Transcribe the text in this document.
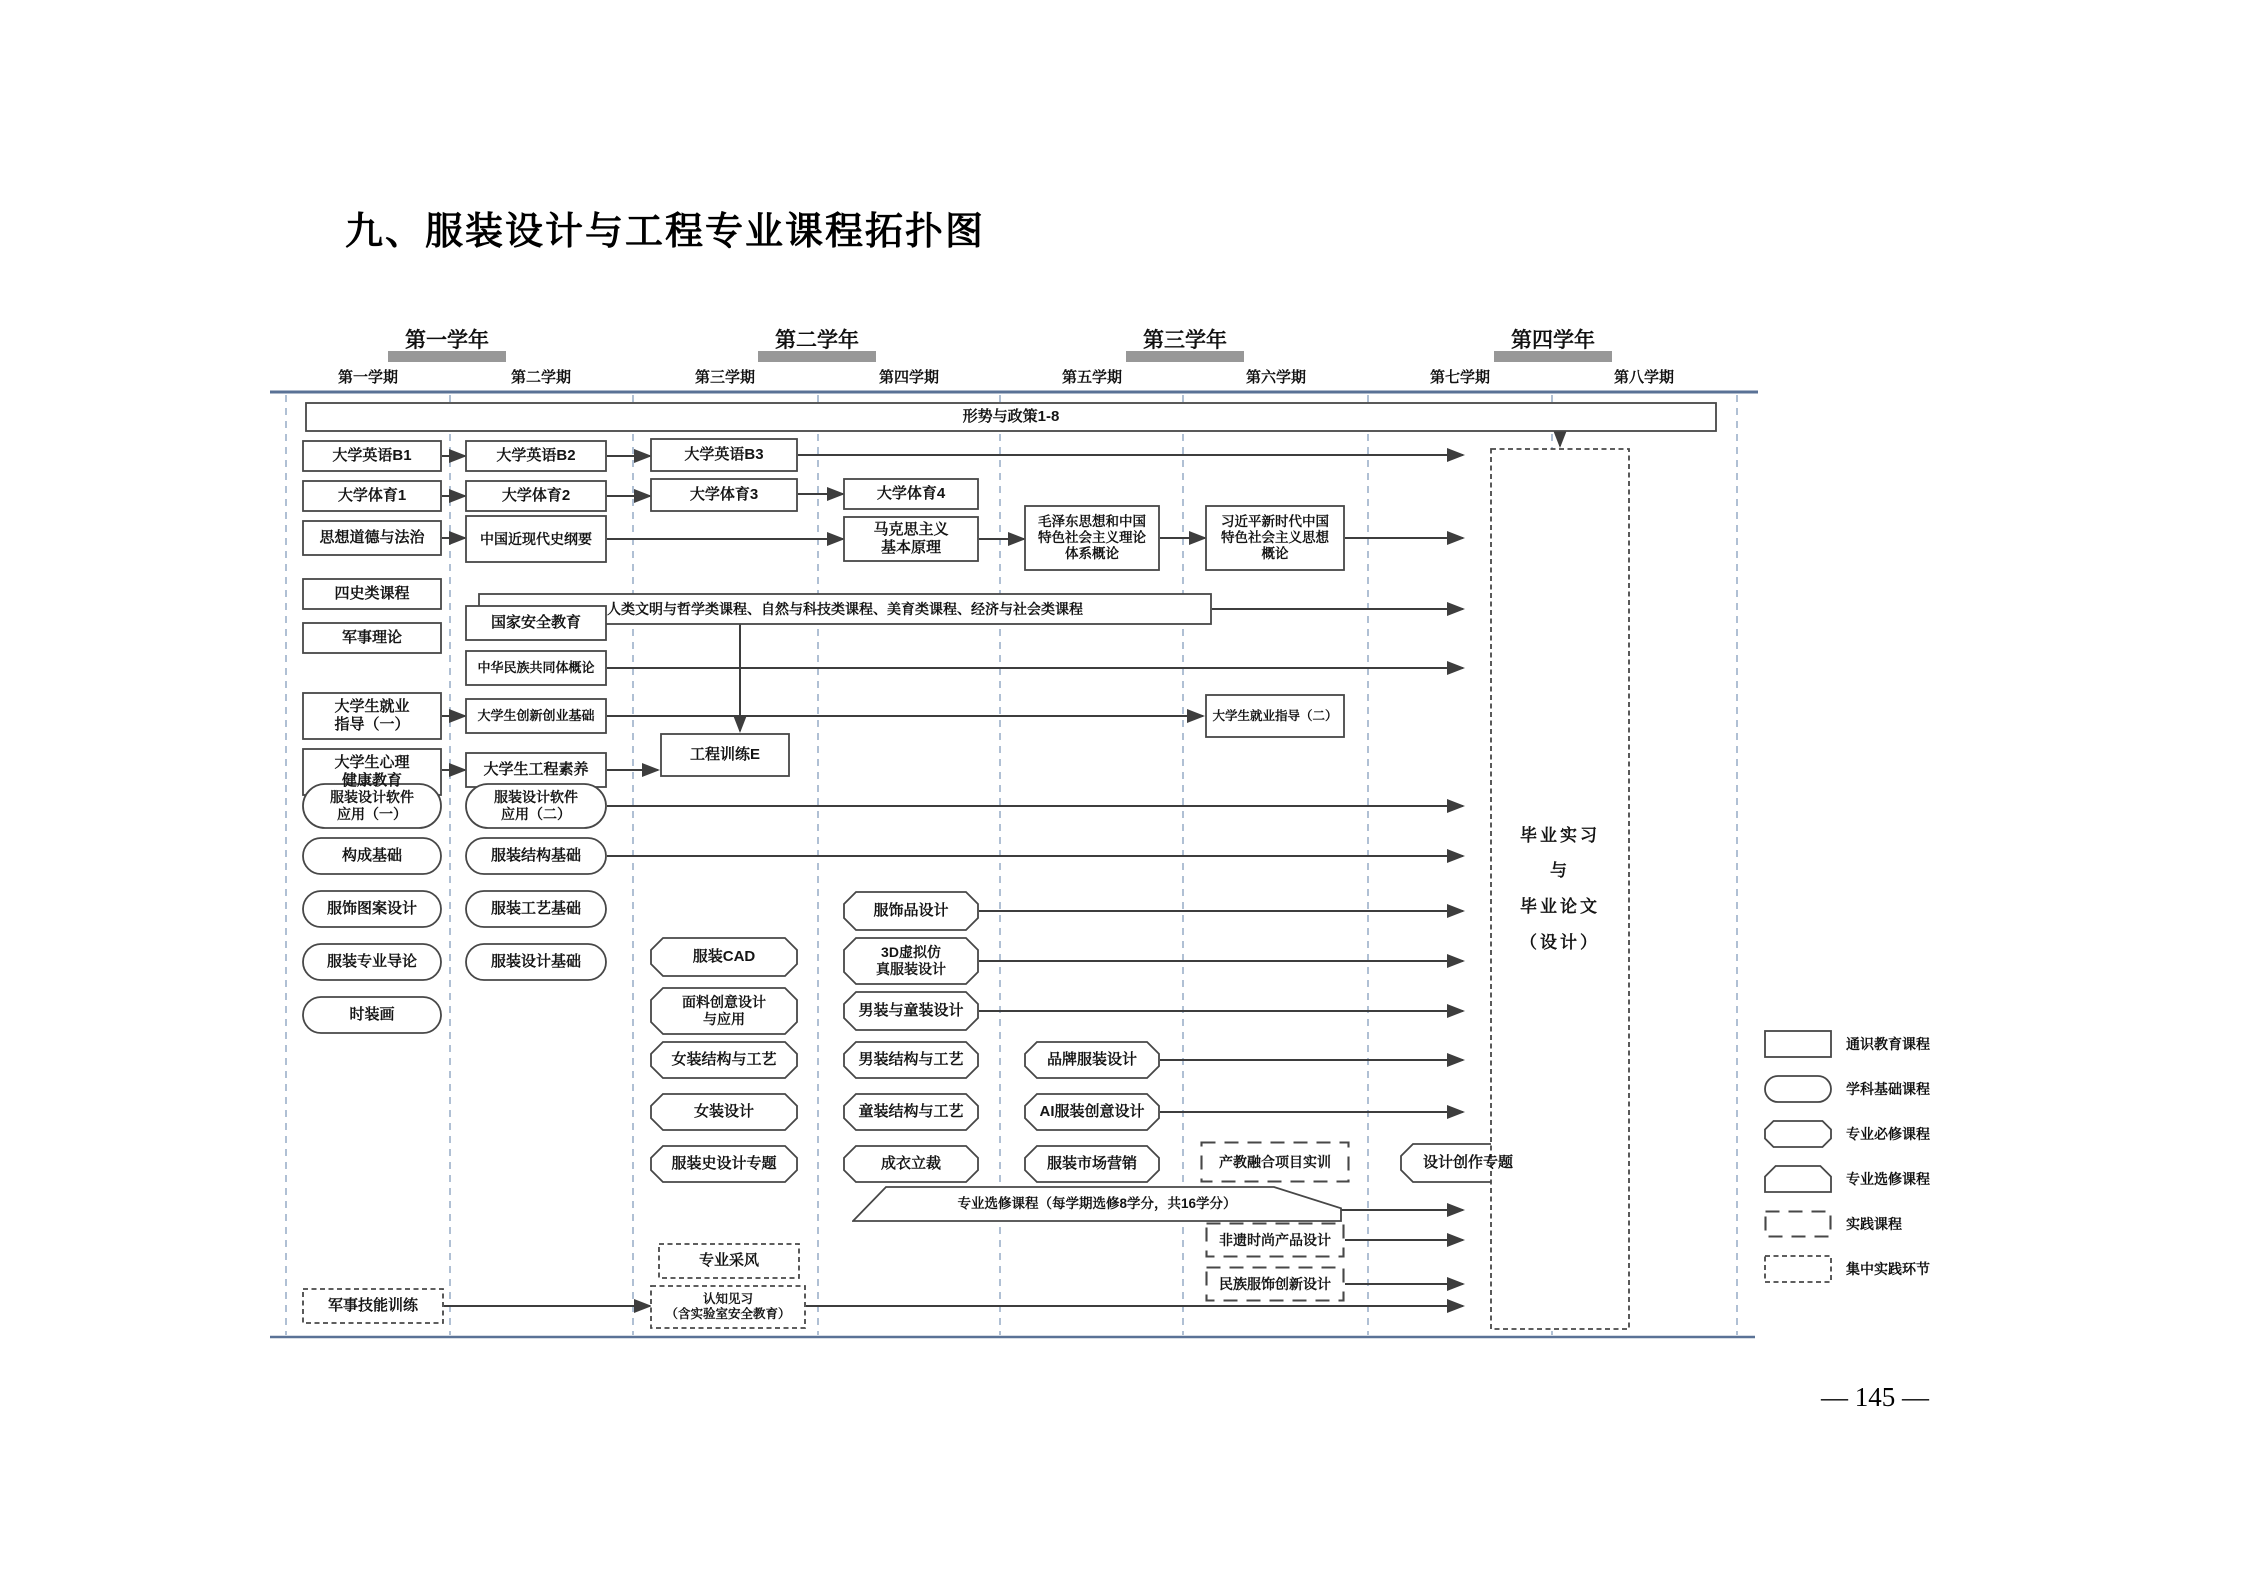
九、服装设计与工程专业课程拓扑图
第一学年	第二学年	第三学年	第四学年
第一学期	第二学期	第三学期	第四学期	第五学期	第六学期	第七学期	第八学期
形势与政策1-8
大学英语B1	大学英语B2	大学英语B3
大学体育1	大学体育2	大学体育3	大学体育4
思想道德与法治	中国近现代史纲要
马克思主义
基本原理
毛泽东思想和中国
特色社会主义理论
体系概论
习近平新时代中国
特色社会主义思想
概论
四史类课程
人类文明与哲学类课程、自然与科技类课程、美育类课程、经济与社会类课程
军事理论
国家安全教育
中华民族共同体概论
大学生就业
指导（一）
大学生创新创业基础	大学生就业指导（二）
大学生心理
健康教育
大学生工程素养
工程训练E
服装设计软件
应用（一）
服装设计软件
应用（二）
构成基础	服装结构基础
服饰图案设计	服装工艺基础
服装专业导论	服装设计基础
时装画
服饰品设计
服装CAD	3D虚拟仿
真服装设计
面料创意设计
与应用	男装与童装设计
女装结构与工艺	男装结构与工艺	品牌服装设计
女装设计	童装结构与工艺	AI服装创意设计
服装史设计专题	成衣立裁	服装市场营销	设计创作专题
产教融合项目实训
专业选修课程（每学期选修8学分，共16学分）
非遗时尚产品设计
民族服饰创新设计
军事技能训练
专业采风
认知见习
（含实验室安全教育）
毕业实习
与
毕业论文
（设计）
通识教育课程
学科基础课程
专业必修课程
专业选修课程
实践课程
集中实践环节
— 145 —
